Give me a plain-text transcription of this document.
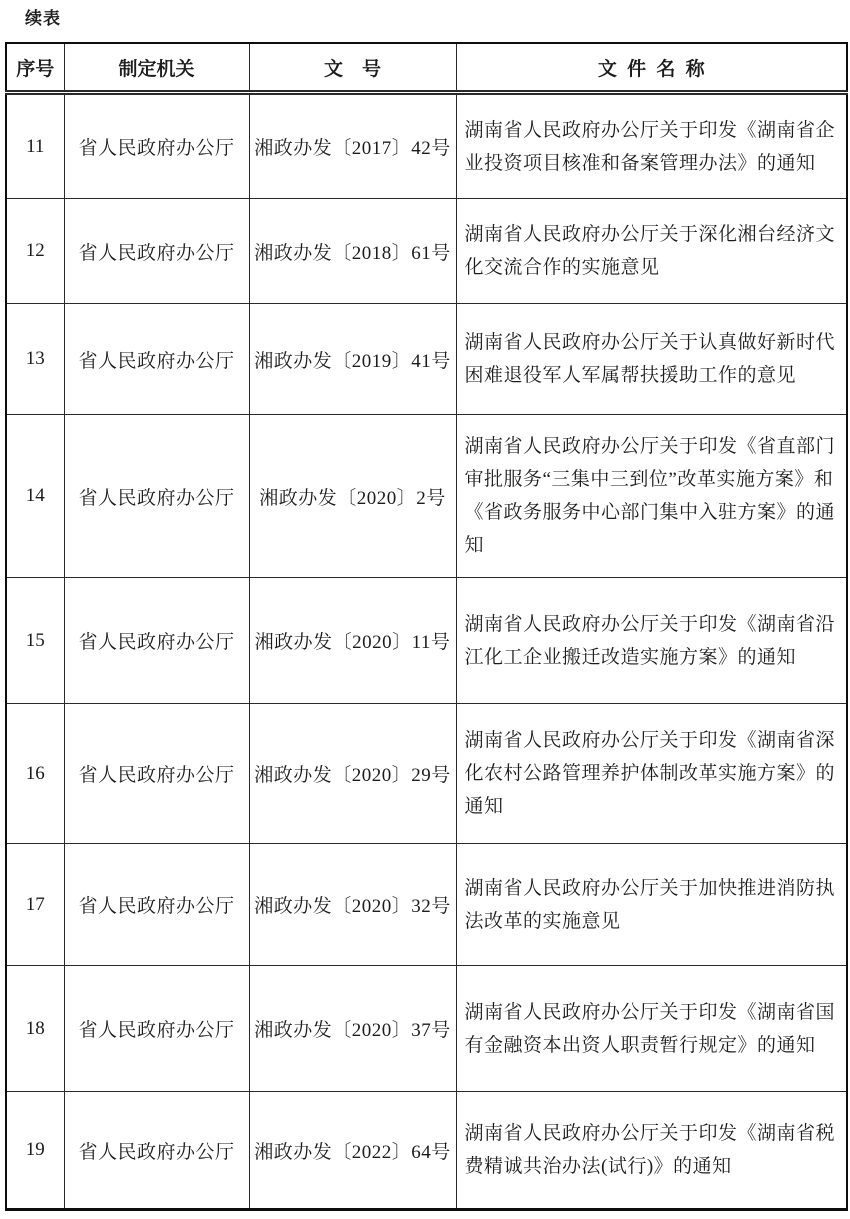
续表
序号	制定机关	文　号	文 件 名 称
11	省人民政府办公厅	湘政办发〔2017〕42号	湖南省人民政府办公厅关于印发《湖南省企业投资项目核准和备案管理办法》的通知
12	省人民政府办公厅	湘政办发〔2018〕61号	湖南省人民政府办公厅关于深化湘台经济文化交流合作的实施意见
13	省人民政府办公厅	湘政办发〔2019〕41号	湖南省人民政府办公厅关于认真做好新时代困难退役军人军属帮扶援助工作的意见
14	省人民政府办公厅	湘政办发〔2020〕2号	湖南省人民政府办公厅关于印发《省直部门审批服务“三集中三到位”改革实施方案》和《省政务服务中心部门集中入驻方案》的通知
15	省人民政府办公厅	湘政办发〔2020〕11号	湖南省人民政府办公厅关于印发《湖南省沿江化工企业搬迁改造实施方案》的通知
16	省人民政府办公厅	湘政办发〔2020〕29号	湖南省人民政府办公厅关于印发《湖南省深化农村公路管理养护体制改革实施方案》的通知
17	省人民政府办公厅	湘政办发〔2020〕32号	湖南省人民政府办公厅关于加快推进消防执法改革的实施意见
18	省人民政府办公厅	湘政办发〔2020〕37号	湖南省人民政府办公厅关于印发《湖南省国有金融资本出资人职责暂行规定》的通知
19	省人民政府办公厅	湘政办发〔2022〕64号	湖南省人民政府办公厅关于印发《湖南省税费精诚共治办法(试行)》的通知
